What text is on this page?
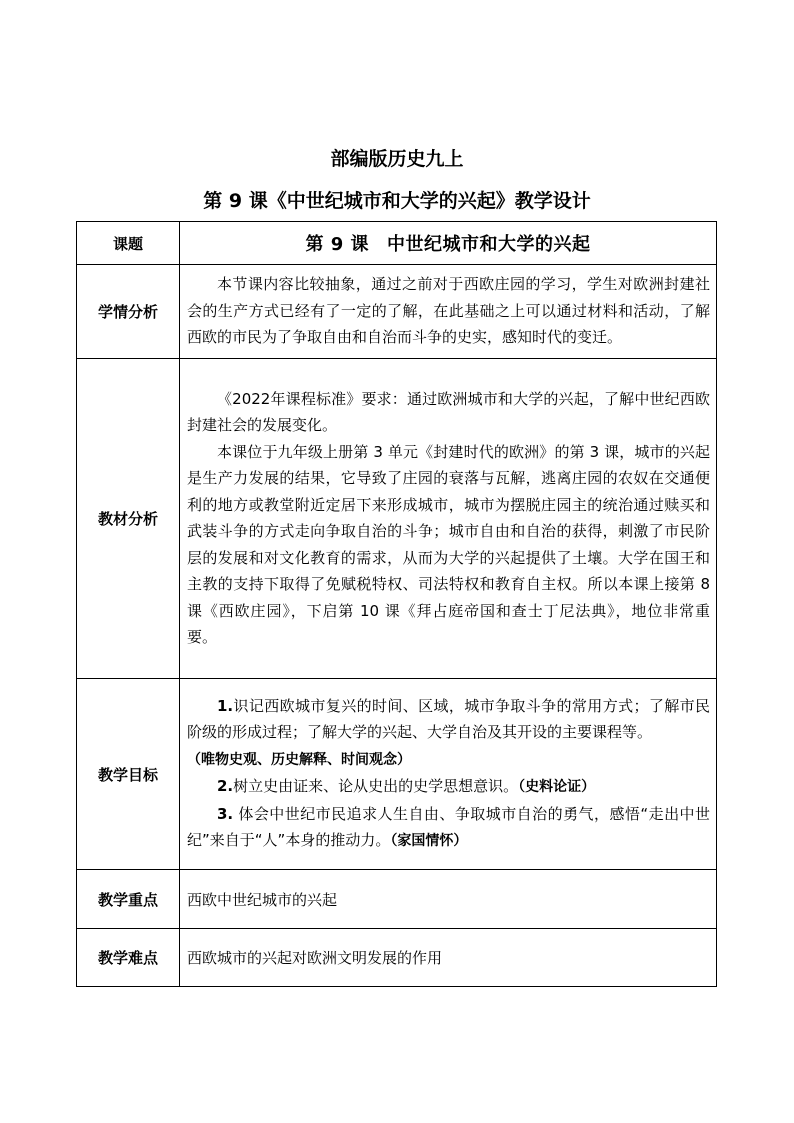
部编版历史九上
第 9 课《中世纪城市和大学的兴起》教学设计
课题	第 9 课 中世纪城市和大学的兴起
学情分析	本节课内容比较抽象，通过之前对于西欧庄园的学习，学生对欧洲封建社会的生产方式已经有了一定的了解，在此基础之上可以通过材料和活动，了解西欧的市民为了争取自由和自治而斗争的史实，感知时代的变迁。

教材分析	《2022年课程标准》要求：通过欧洲城市和大学的兴起，了解中世纪西欧封建社会的发展变化。

本课位于九年级上册第 3 单元《封建时代的欧洲》的第 3 课，城市的兴起是生产力发展的结果，它导致了庄园的衰落与瓦解，逃离庄园的农奴在交通便利的地方或教堂附近定居下来形成城市，城市为摆脱庄园主的统治通过赎买和武装斗争的方式走向争取自治的斗争；城市自由和自治的获得，刺激了市民阶层的发展和对文化教育的需求，从而为大学的兴起提供了土壤。大学在国王和主教的支持下取得了免赋税特权、司法特权和教育自主权。所以本课上接第 8 课《西欧庄园》，下启第 10 课《拜占庭帝国和查士丁尼法典》，地位非常重要。

教学目标	1.识记西欧城市复兴的时间、区域，城市争取斗争的常用方式；了解市民阶级的形成过程；了解大学的兴起、大学自治及其开设的主要课程等。

（唯物史观、历史解释、时间观念）

2.树立史由证来、论从史出的史学思想意识。（史料论证）

3. 体会中世纪市民追求人生自由、争取城市自治的勇气，感悟“走出中世纪”来自于“人”本身的推动力。（家国情怀）

教学重点	西欧中世纪城市的兴起
教学难点	西欧城市的兴起对欧洲文明发展的作用
